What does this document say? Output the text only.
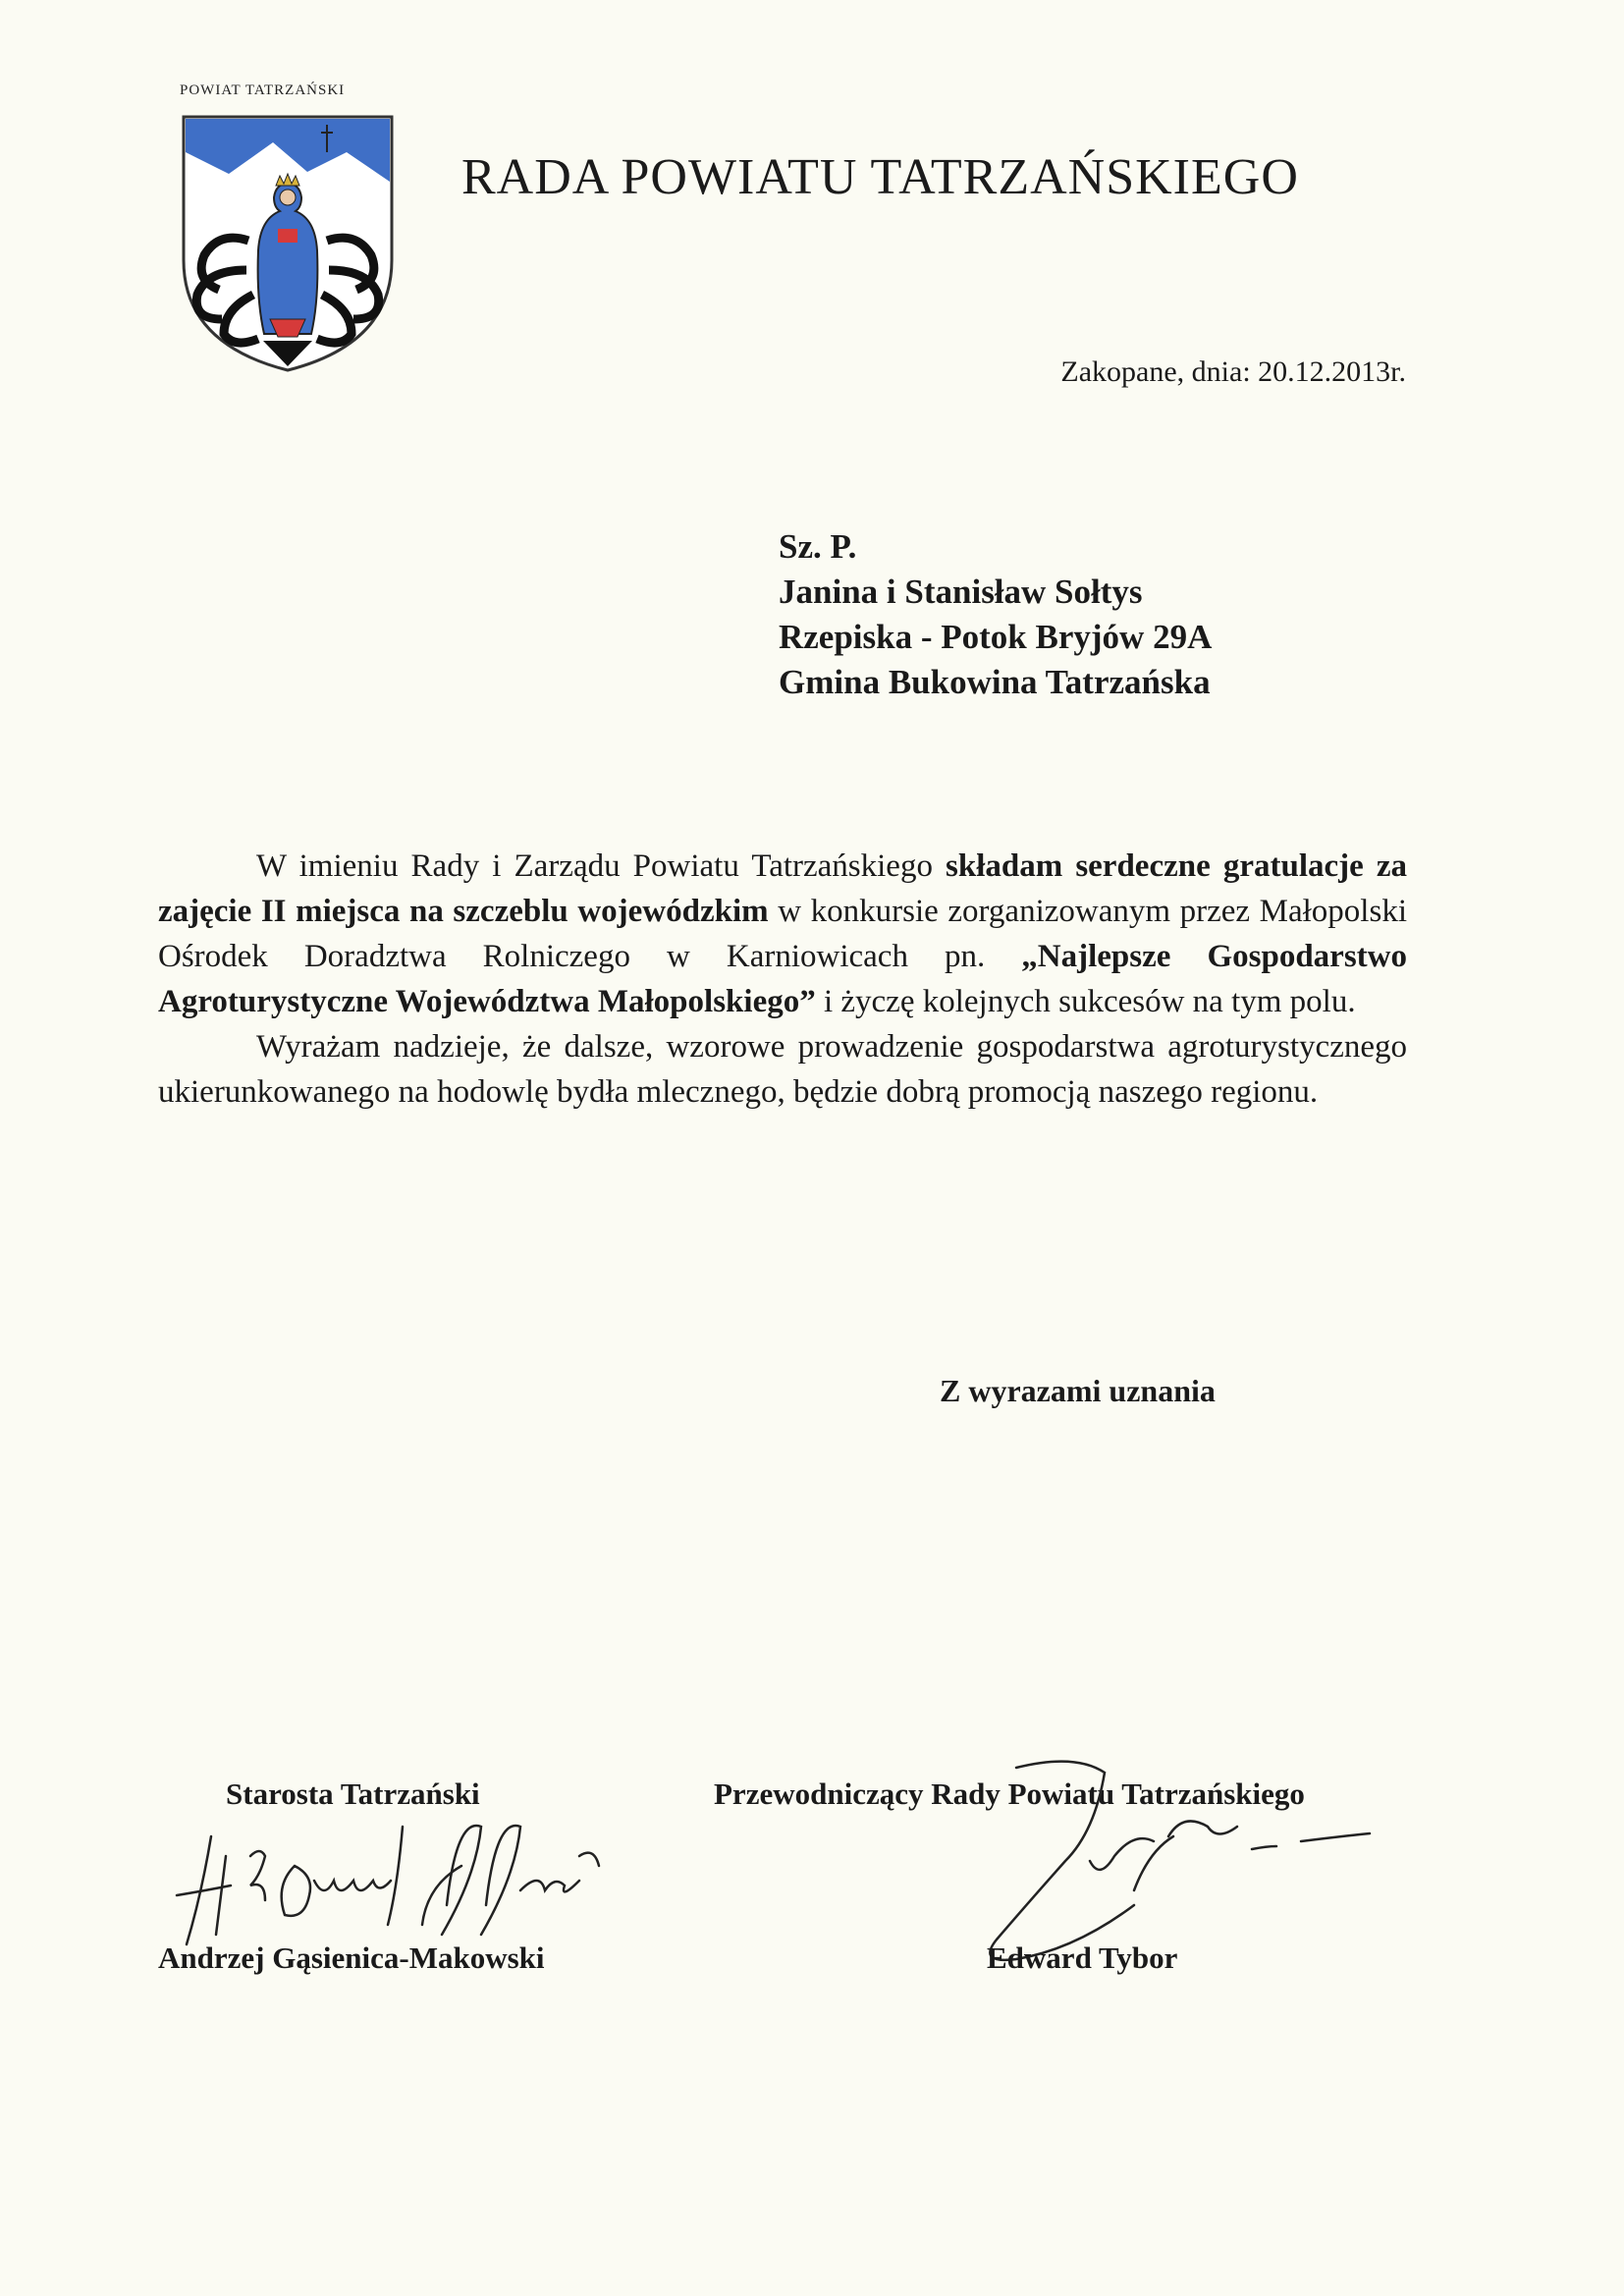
POWIAT TATRZAŃSKI
RADA POWIATU TATRZAŃSKIEGO
Zakopane, dnia: 20.12.2013r.
Sz. P.
Janina i Stanisław Sołtys
Rzepiska - Potok Bryjów 29A
Gmina Bukowina Tatrzańska

W imieniu Rady i Zarządu Powiatu Tatrzańskiego składam serdeczne gratulacje za zajęcie II miejsca na szczeblu wojewódzkim w konkursie zorganizowanym przez Małopolski Ośrodek Doradztwa Rolniczego w Karniowicach pn. „Najlepsze Gospodarstwo Agroturystyczne Województwa Małopolskiego” i życzę kolejnych sukcesów na tym polu.

Wyrażam nadzieje, że dalsze, wzorowe prowadzenie gospodarstwa agroturystycznego ukierunkowanego na hodowlę bydła mlecznego, będzie dobrą promocją naszego regionu.

Z wyrazami uznania
Starosta Tatrzański
Andrzej Gąsienica-Makowski
Przewodniczący Rady Powiatu Tatrzańskiego
Edward Tybor
